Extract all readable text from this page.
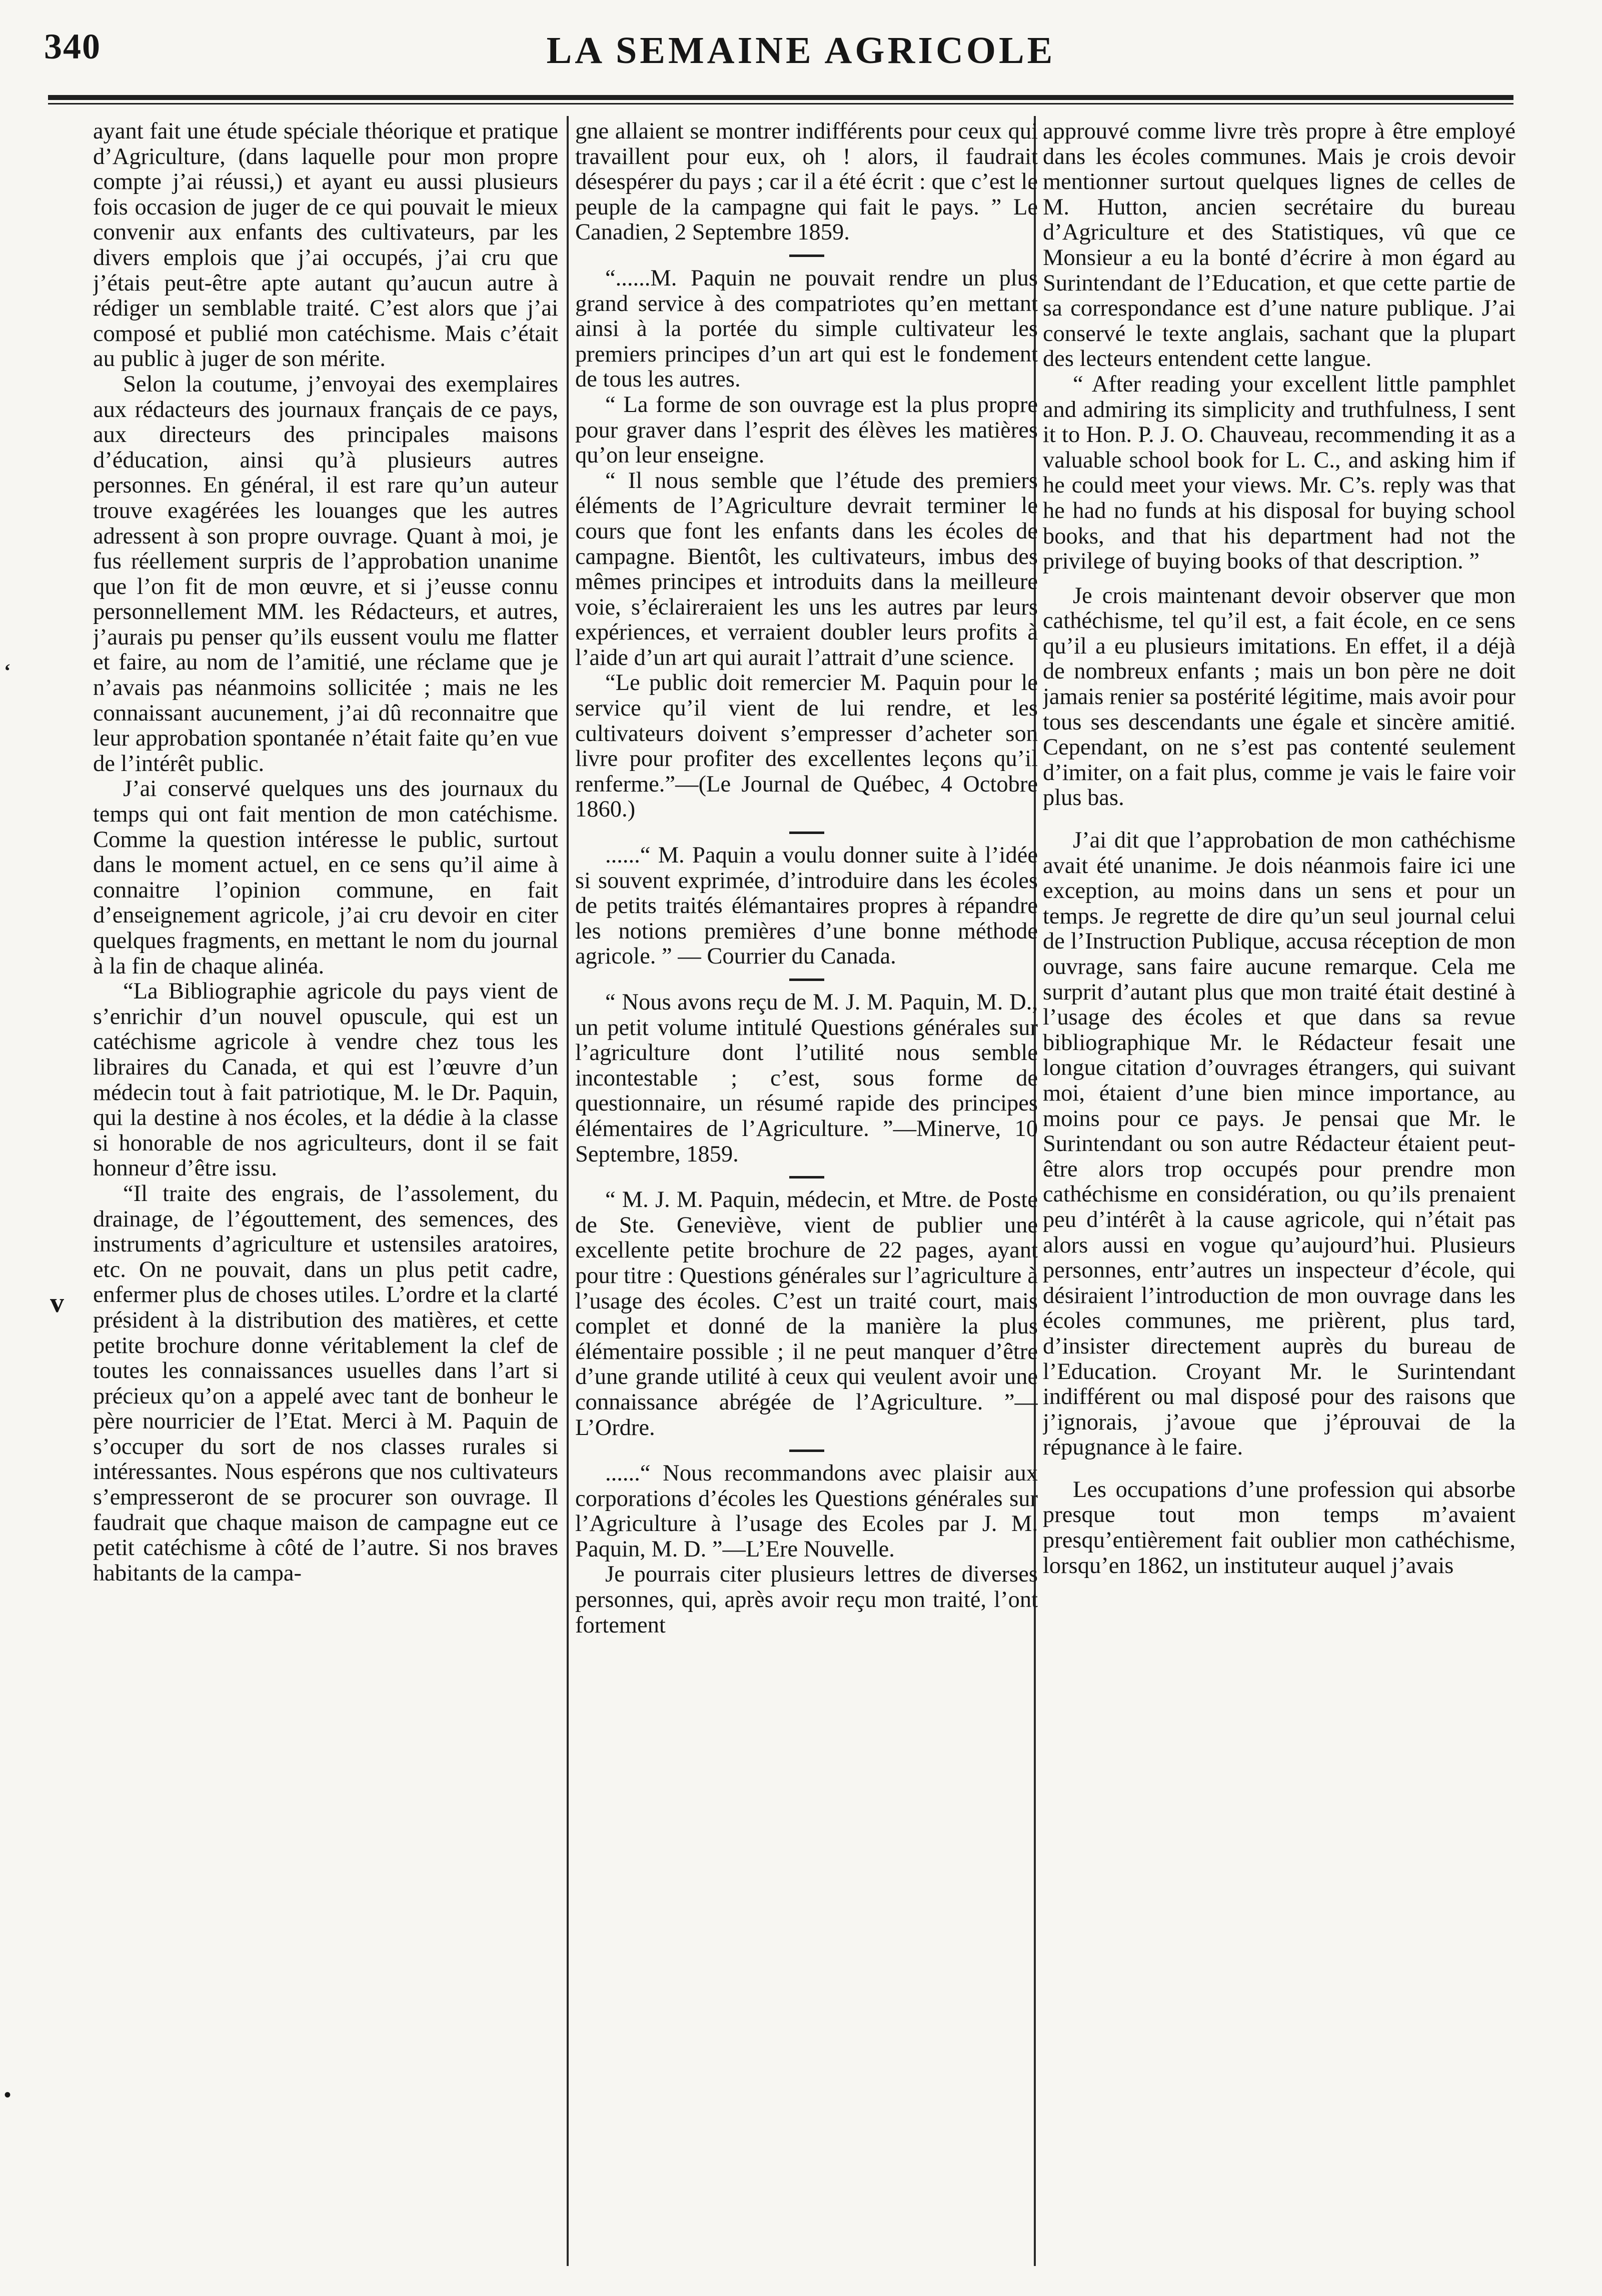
340	LA SEMAINE AGRICOLE
v
‘
•

ayant fait une étude spéciale théorique et pratique d’Agriculture, (dans laquelle pour mon propre compte j’ai réussi,) et ayant eu aussi plusieurs fois occasion de juger de ce qui pouvait le mieux convenir aux enfants des cultivateurs, par les divers emplois que j’ai occupés, j’ai cru que j’étais peut-être apte autant qu’aucun autre à rédiger un semblable traité. C’est alors que j’ai composé et publié mon catéchisme. Mais c’était au public à juger de son mérite.

Selon la coutume, j’envoyai des exemplaires aux rédacteurs des journaux français de ce pays, aux directeurs des principales maisons d’éducation, ainsi qu’à plusieurs autres personnes. En général, il est rare qu’un auteur trouve exagérées les louanges que les autres adressent à son propre ouvrage. Quant à moi, je fus réellement surpris de l’approbation unanime que l’on fit de mon œuvre, et si j’eusse connu personnellement MM. les Rédacteurs, et autres, j’aurais pu penser qu’ils eussent voulu me flatter et faire, au nom de l’amitié, une réclame que je n’avais pas néanmoins sollicitée ; mais ne les connaissant aucunement, j’ai dû reconnaitre que leur approbation spontanée n’était faite qu’en vue de l’intérêt public.

J’ai conservé quelques uns des journaux du temps qui ont fait mention de mon catéchisme. Comme la question intéresse le public, surtout dans le moment actuel, en ce sens qu’il aime à connaitre l’opinion commune, en fait d’enseignement agricole, j’ai cru devoir en citer quelques fragments, en mettant le nom du journal à la fin de chaque alinéa.

“La Bibliographie agricole du pays vient de s’enrichir d’un nouvel opuscule, qui est un catéchisme agricole à vendre chez tous les libraires du Canada, et qui est l’œuvre d’un médecin tout à fait patriotique, M. le Dr. Paquin, qui la destine à nos écoles, et la dédie à la classe si honorable de nos agriculteurs, dont il se fait honneur d’être issu.

“Il traite des engrais, de l’assolement, du drainage, de l’égouttement, des semences, des instruments d’agriculture et ustensiles aratoires, etc. On ne pouvait, dans un plus petit cadre, enfermer plus de choses utiles. L’ordre et la clarté président à la distribution des matières, et cette petite brochure donne véritablement la clef de toutes les connaissances usuelles dans l’art si précieux qu’on a appelé avec tant de bonheur le père nourricier de l’Etat. Merci à M. Paquin de s’occuper du sort de nos classes rurales si intéressantes. Nous espérons que nos cultivateurs s’empresseront de se procurer son ouvrage. Il faudrait que chaque maison de campagne eut ce petit catéchisme à côté de l’autre. Si nos braves habitants de la campa-

gne allaient se montrer indifférents pour ceux qui travaillent pour eux, oh ! alors, il faudrait désespérer du pays ; car il a été écrit : que c’est le peuple de la campagne qui fait le pays. ” Le Canadien, 2 Septembre 1859.

“......M. Paquin ne pouvait rendre un plus grand service à des compatriotes qu’en mettant ainsi à la portée du simple cultivateur les premiers principes d’un art qui est le fondement de tous les autres.

“ La forme de son ouvrage est la plus propre pour graver dans l’esprit des élèves les matières qu’on leur enseigne.

“ Il nous semble que l’étude des premiers éléments de l’Agriculture devrait terminer le cours que font les enfants dans les écoles de campagne. Bientôt, les cultivateurs, imbus des mêmes principes et introduits dans la meilleure voie, s’éclaireraient les uns les autres par leurs expériences, et verraient doubler leurs profits à l’aide d’un art qui aurait l’attrait d’une science.

“Le public doit remercier M. Paquin pour le service qu’il vient de lui rendre, et les cultivateurs doivent s’empresser d’acheter son livre pour profiter des excellentes leçons qu’il renferme.”—(Le Journal de Québec, 4 Octobre 1860.)

......“ M. Paquin a voulu donner suite à l’idée si souvent exprimée, d’introduire dans les écoles de petits traités élémantaires propres à répandre les notions premières d’une bonne méthode agricole. ” — Courrier du Canada.

“ Nous avons reçu de M. J. M. Paquin, M. D., un petit volume intitulé Questions générales sur l’agriculture dont l’utilité nous semble incontestable ; c’est, sous forme de questionnaire, un résumé rapide des principes élémentaires de l’Agriculture. ”—Minerve, 10 Septembre, 1859.

“ M. J. M. Paquin, médecin, et Mtre. de Poste de Ste. Geneviève, vient de publier une excellente petite brochure de 22 pages, ayant pour titre : Questions générales sur l’agriculture à l’usage des écoles. C’est un traité court, mais complet et donné de la manière la plus élémentaire possible ; il ne peut manquer d’être d’une grande utilité à ceux qui veulent avoir une connaissance abrégée de l’Agriculture. ”—L’Ordre.

......“ Nous recommandons avec plaisir aux corporations d’écoles les Questions générales sur l’Agriculture à l’usage des Ecoles par J. M. Paquin, M. D. ”—L’Ere Nouvelle.

Je pourrais citer plusieurs lettres de diverses personnes, qui, après avoir reçu mon traité, l’ont fortement

approuvé comme livre très propre à être employé dans les écoles communes. Mais je crois devoir mentionner surtout quelques lignes de celles de M. Hutton, ancien secrétaire du bureau d’Agriculture et des Statistiques, vû que ce Monsieur a eu la bonté d’écrire à mon égard au Surintendant de l’Education, et que cette partie de sa correspondance est d’une nature publique. J’ai conservé le texte anglais, sachant que la plupart des lecteurs entendent cette langue.

“ After reading your excellent little pamphlet and admiring its simplicity and truthfulness, I sent it to Hon. P. J. O. Chauveau, recommending it as a valuable school book for L. C., and asking him if he could meet your views. Mr. C’s. reply was that he had no funds at his disposal for buying school books, and that his department had not the privilege of buying books of that description. ”

Je crois maintenant devoir observer que mon cathéchisme, tel qu’il est, a fait école, en ce sens qu’il a eu plusieurs imitations. En effet, il a déjà de nombreux enfants ; mais un bon père ne doit jamais renier sa postérité légitime, mais avoir pour tous ses descendants une égale et sincère amitié. Cependant, on ne s’est pas contenté seulement d’imiter, on a fait plus, comme je vais le faire voir plus bas.

J’ai dit que l’approbation de mon cathéchisme avait été unanime. Je dois néanmois faire ici une exception, au moins dans un sens et pour un temps. Je regrette de dire qu’un seul journal celui de l’Instruction Publique, accusa réception de mon ouvrage, sans faire aucune remarque. Cela me surprit d’autant plus que mon traité était destiné à l’usage des écoles et que dans sa revue bibliographique Mr. le Rédacteur fesait une longue citation d’ouvrages étrangers, qui suivant moi, étaient d’une bien mince importance, au moins pour ce pays. Je pensai que Mr. le Surintendant ou son autre Rédacteur étaient peut-être alors trop occupés pour prendre mon cathéchisme en considération, ou qu’ils prenaient peu d’intérêt à la cause agricole, qui n’était pas alors aussi en vogue qu’aujourd’hui. Plusieurs personnes, entr’autres un inspecteur d’école, qui désiraient l’introduction de mon ouvrage dans les écoles communes, me prièrent, plus tard, d’insister directement auprès du bureau de l’Education. Croyant Mr. le Surintendant indifférent ou mal disposé pour des raisons que j’ignorais, j’avoue que j’éprouvai de la répugnance à le faire.

Les occupations d’une profession qui absorbe presque tout mon temps m’avaient presqu’entièrement fait oublier mon cathéchisme, lorsqu’en 1862, un instituteur auquel j’avais
